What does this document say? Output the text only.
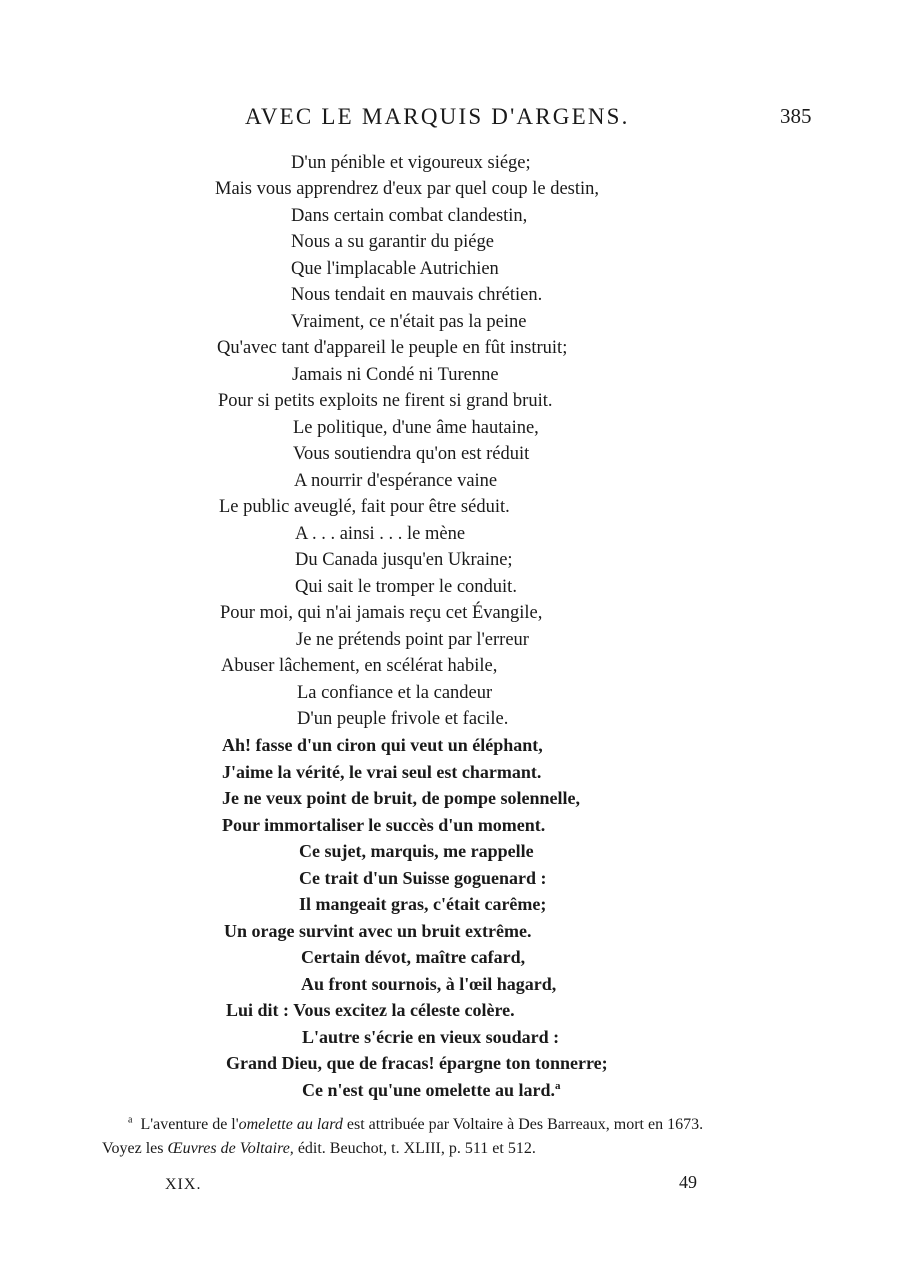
AVEC LE MARQUIS D'ARGENS.	385
D'un pénible et vigoureux siége;
Mais vous apprendrez d'eux par quel coup le destin,
Dans certain combat clandestin,
Nous a su garantir du piége
Que l'implacable Autrichien
Nous tendait en mauvais chrétien.
Vraiment, ce n'était pas la peine
Qu'avec tant d'appareil le peuple en fût instruit;
Jamais ni Condé ni Turenne
Pour si petits exploits ne firent si grand bruit.
Le politique, d'une âme hautaine,
Vous soutiendra qu'on est réduit
A nourrir d'espérance vaine
Le public aveuglé, fait pour être séduit.
A . . . ainsi . . . le mène
Du Canada jusqu'en Ukraine;
Qui sait le tromper le conduit.
Pour moi, qui n'ai jamais reçu cet Évangile,
Je ne prétends point par l'erreur
Abuser lâchement, en scélérat habile,
La confiance et la candeur
D'un peuple frivole et facile.
Ah! fasse d'un ciron qui veut un éléphant,
J'aime la vérité, le vrai seul est charmant.
Je ne veux point de bruit, de pompe solennelle,
Pour immortaliser le succès d'un moment.
Ce sujet, marquis, me rappelle
Ce trait d'un Suisse goguenard :
Il mangeait gras, c'était carême;
Un orage survint avec un bruit extrême.
Certain dévot, maître cafard,
Au front sournois, à l'œil hagard,
Lui dit : Vous excitez la céleste colère.
L'autre s'écrie en vieux soudard :
Grand Dieu, que de fracas! épargne ton tonnerre;
Ce n'est qu'une omelette au lard.$^a$
$^a$ L'aventure de l'omelette au lard est attribuée par Voltaire à Des Barreaux, mort en 1673.
Voyez les Œuvres de Voltaire, édit. Beuchot, t. XLIII, p. 511 et 512.
XIX.	49
